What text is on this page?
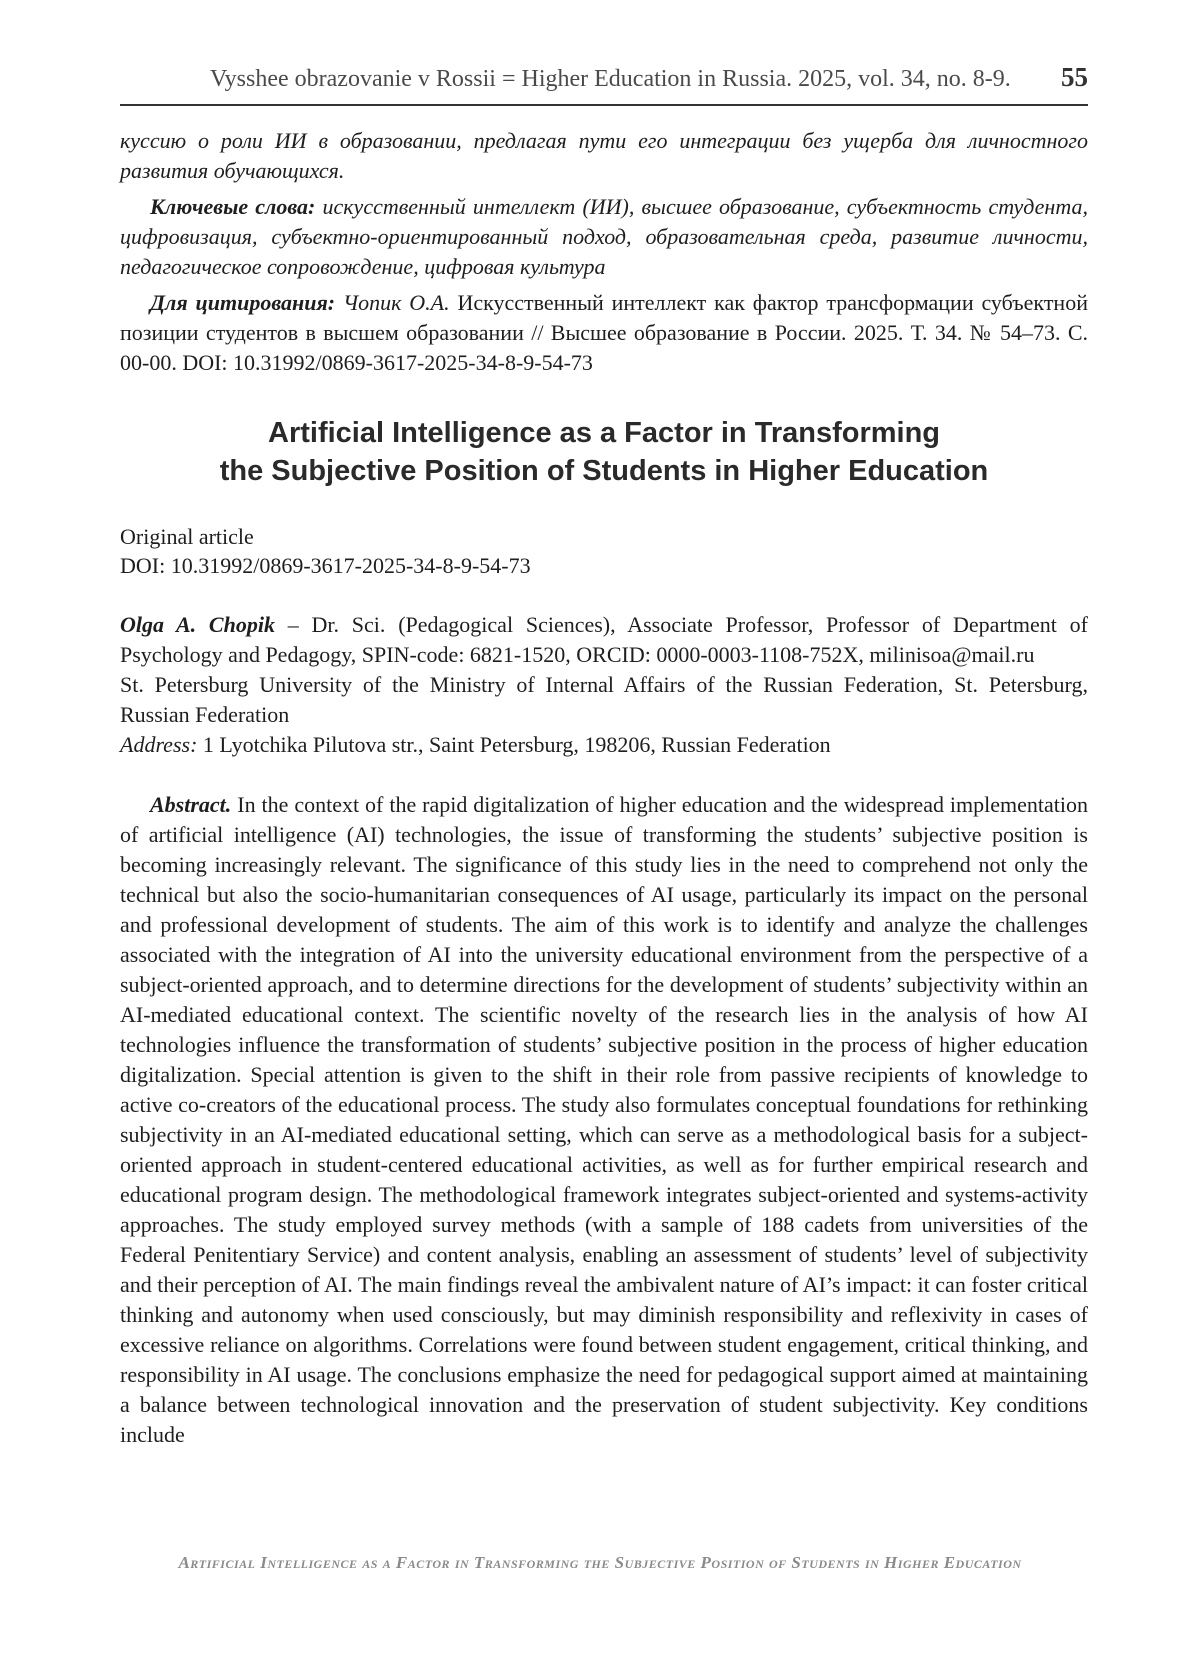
Vysshee obrazovanie v Rossii = Higher Education in Russia. 2025, vol. 34, no. 8-9. 55

куссию о роли ИИ в образовании, предлагая пути его интеграции без ущерба для личностного развития обучающихся.

Ключевые слова: искусственный интеллект (ИИ), высшее образование, субъектность студента, цифровизация, субъектно-ориентированный подход, образовательная среда, развитие личности, педагогическое сопровождение, цифровая культура

Для цитирования: Чопик О.А. Искусственный интеллект как фактор трансформации субъектной позиции студентов в высшем образовании // Высшее образование в России. 2025. Т. 34. № 54–73. С. 00-00. DOI: 10.31992/0869-3617-2025-34-8-9-54-73

Artificial Intelligence as a Factor in Transforming
the Subjective Position of Students in Higher Education
Original article
DOI: 10.31992/0869-3617-2025-34-8-9-54-73

Olga A. Chopik – Dr. Sci. (Pedagogical Sciences), Associate Professor, Professor of Department of Psychology and Pedagogy, SPIN-code: 6821-1520, ORCID: 0000-0003-1108-752X, milinisoa@mail.ru

St. Petersburg University of the Ministry of Internal Affairs of the Russian Federation, St. Petersburg, Russian Federation

Address: 1 Lyotchika Pilutova str., Saint Petersburg, 198206, Russian Federation

Abstract. In the context of the rapid digitalization of higher education and the widespread implementation of artificial intelligence (AI) technologies, the issue of transforming the students’ subjective position is becoming increasingly relevant. The significance of this study lies in the need to comprehend not only the technical but also the socio-humanitarian consequences of AI usage, particularly its impact on the personal and professional development of students. The aim of this work is to identify and analyze the challenges associated with the integration of AI into the university educational environment from the perspective of a subject-oriented approach, and to determine directions for the development of students’ subjectivity within an AI-mediated educational context. The scientific novelty of the research lies in the analysis of how AI technologies influence the transformation of students’ subjective position in the process of higher education digitalization. Special attention is given to the shift in their role from passive recipients of knowledge to active co-creators of the educational process. The study also formulates conceptual foundations for rethinking subjectivity in an AI-mediated educational setting, which can serve as a methodological basis for a subject-oriented approach in student-centered educational activities, as well as for further empirical research and educational program design. The methodological framework integrates subject-oriented and systems-activity approaches. The study employed survey methods (with a sample of 188 cadets from universities of the Federal Penitentiary Service) and content analysis, enabling an assessment of students’ level of subjectivity and their perception of AI. The main findings reveal the ambivalent nature of AI’s impact: it can foster critical thinking and autonomy when used consciously, but may diminish responsibility and reflexivity in cases of excessive reliance on algorithms. Correlations were found between student engagement, critical thinking, and responsibility in AI usage. The conclusions emphasize the need for pedagogical support aimed at maintaining a balance between technological innovation and the preservation of student subjectivity. Key conditions include

Artificial Intelligence as a Factor in Transforming the Subjective Position of Students in Higher Education
